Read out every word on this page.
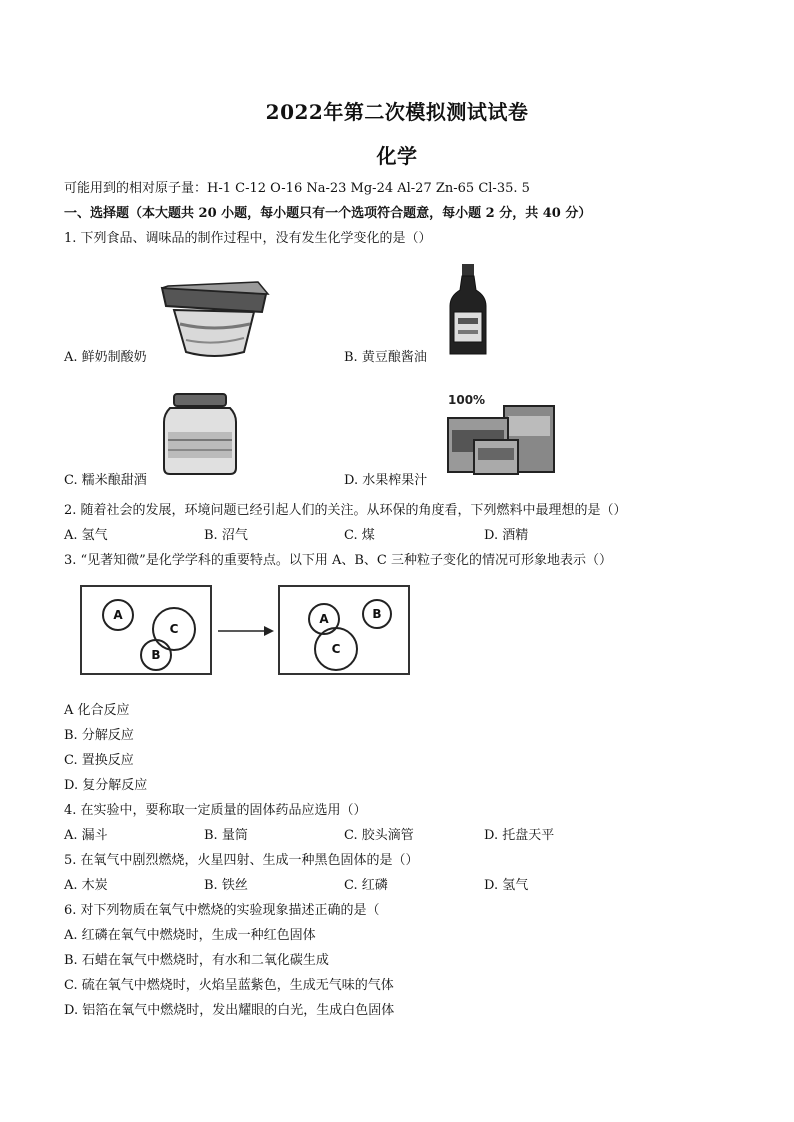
2022年第二次模拟测试试卷
化学
可能用到的相对原子量：H-1 C-12 O-16 Na-23 Mg-24 Al-27 Zn-65 Cl-35. 5
一、选择题（本大题共 20 小题，每小题只有一个选项符合题意，每小题 2 分，共 40 分）
1. 下列食品、调味品的制作过程中，没有发生化学变化的是（）
A. 鲜奶制酸奶	B. 黄豆酿酱油
C. 糯米酿甜酒
100%
D. 水果榨果汁
2. 随着社会的发展，环境问题已经引起人们的关注。从环保的角度看，下列燃料中最理想的是（）
A. 氢气	B. 沼气	C. 煤	D. 酒精
3. “见著知微”是化学学科的重要特点。以下用 A、B、C 三种粒子变化的情况可形象地表示（）
A
C
B
A	B
C
A 化合反应
B. 分解反应
C. 置换反应
D. 复分解反应
4. 在实验中，要称取一定质量的固体药品应选用（）
A. 漏斗	B. 量筒	C. 胶头滴管	D. 托盘天平
5. 在氧气中剧烈燃烧，火星四射、生成一种黑色固体的是（）
A. 木炭	B. 铁丝	C. 红磷	D. 氢气
6. 对下列物质在氧气中燃烧的实验现象描述正确的是（
A. 红磷在氧气中燃烧时，生成一种红色固体
B. 石蜡在氧气中燃烧时，有水和二氧化碳生成
C. 硫在氧气中燃烧时，火焰呈蓝紫色，生成无气味的气体
D. 铝箔在氧气中燃烧时，发出耀眼的白光，生成白色固体
